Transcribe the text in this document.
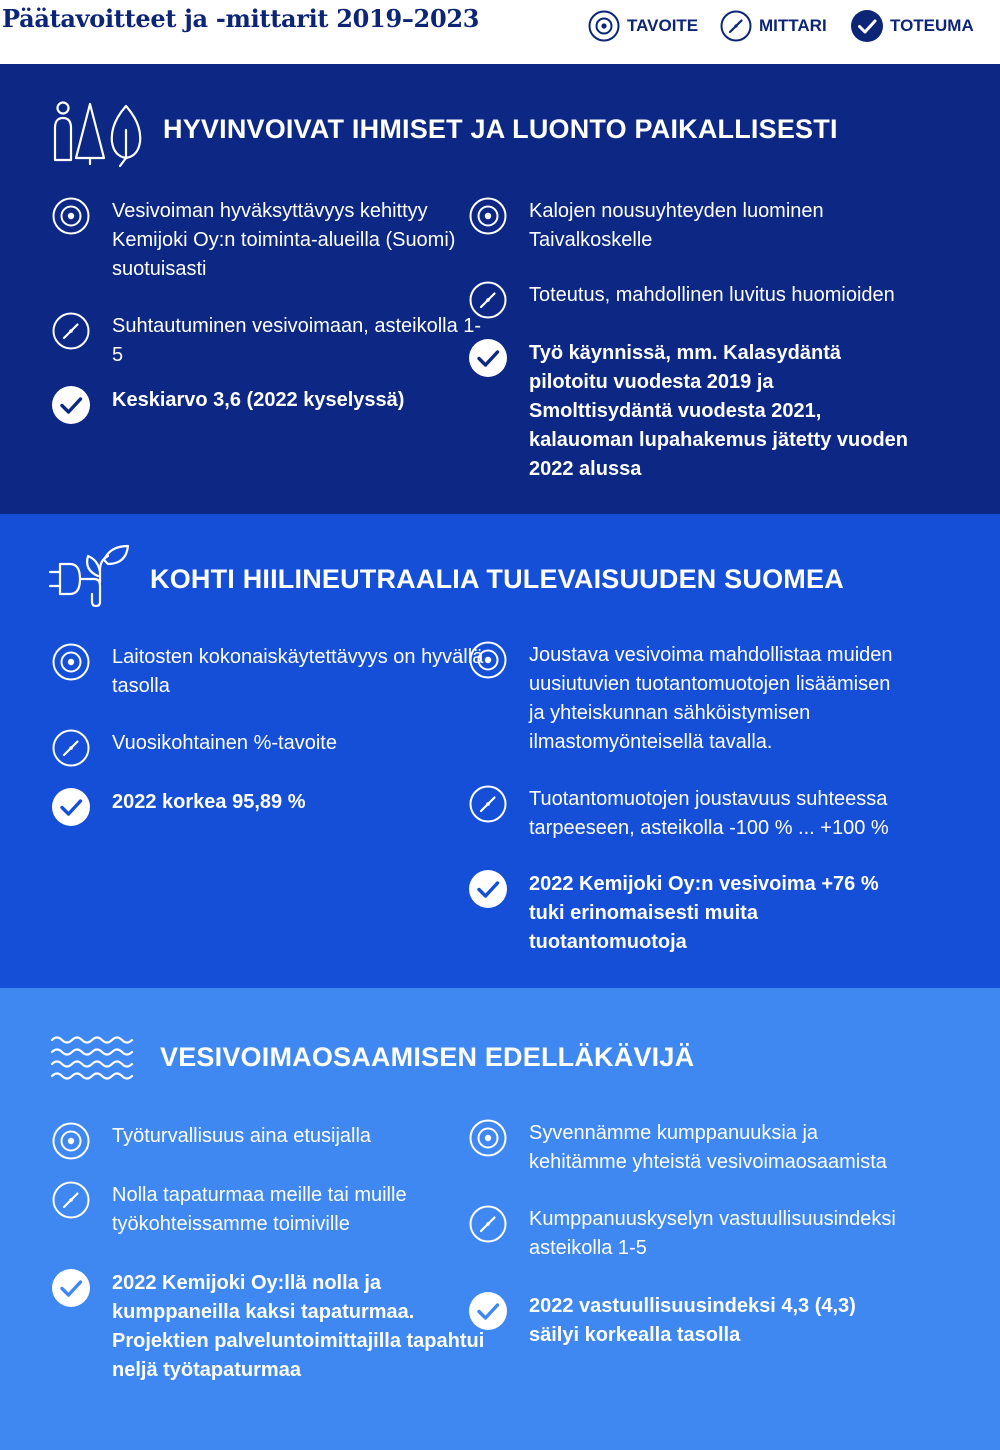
Päätavoitteet ja -mittarit 2019–2023	TAVOITE	MITTARI	TOTEUMA
HYVINVOIVAT IHMISET JA LUONTO PAIKALLISESTI
Vesivoiman hyväksyttävyys kehittyy Kemijoki Oy:n toiminta-alueilla (Suomi) suotuisasti
Suhtautuminen vesivoimaan, asteikolla 1-5
Keskiarvo 3,6 (2022 kyselyssä)
Kalojen nousuyhteyden luominen Taivalkoskelle
Toteutus, mahdollinen luvitus huomioiden
Työ käynnissä, mm. Kalasydäntä pilotoitu vuodesta 2019 ja Smolttisydäntä vuodesta 2021, kalauoman lupahakemus jätetty vuoden 2022 alussa
KOHTI HIILINEUTRAALIA TULEVAISUUDEN SUOMEA
Laitosten kokonaiskäytettävyys on hyvällä tasolla
Vuosikohtainen %-tavoite
2022 korkea 95,89 %
Joustava vesivoima mahdollistaa muiden uusiutuvien tuotantomuotojen lisäämisen ja yhteiskunnan sähköistymisen ilmastomyönteisellä tavalla.
Tuotantomuotojen joustavuus suhteessa tarpeeseen, asteikolla -100 % ... +100 %
2022 Kemijoki Oy:n vesivoima +76 % tuki erinomaisesti muita tuotantomuotoja
VESIVOIMAOSAAMISEN EDELLÄKÄVIJÄ
Työturvallisuus aina etusijalla
Nolla tapaturmaa meille tai muille työkohteissamme toimiville
2022 Kemijoki Oy:llä nolla ja kumppaneilla kaksi tapaturmaa. Projektien palveluntoimittajilla tapahtui neljä työtapaturmaa
Syvennämme kumppanuuksia ja kehitämme yhteistä vesivoimaosaamista
Kumppanuuskyselyn vastuullisuusindeksi asteikolla 1-5
2022 vastuullisuusindeksi 4,3 (4,3) säilyi korkealla tasolla
